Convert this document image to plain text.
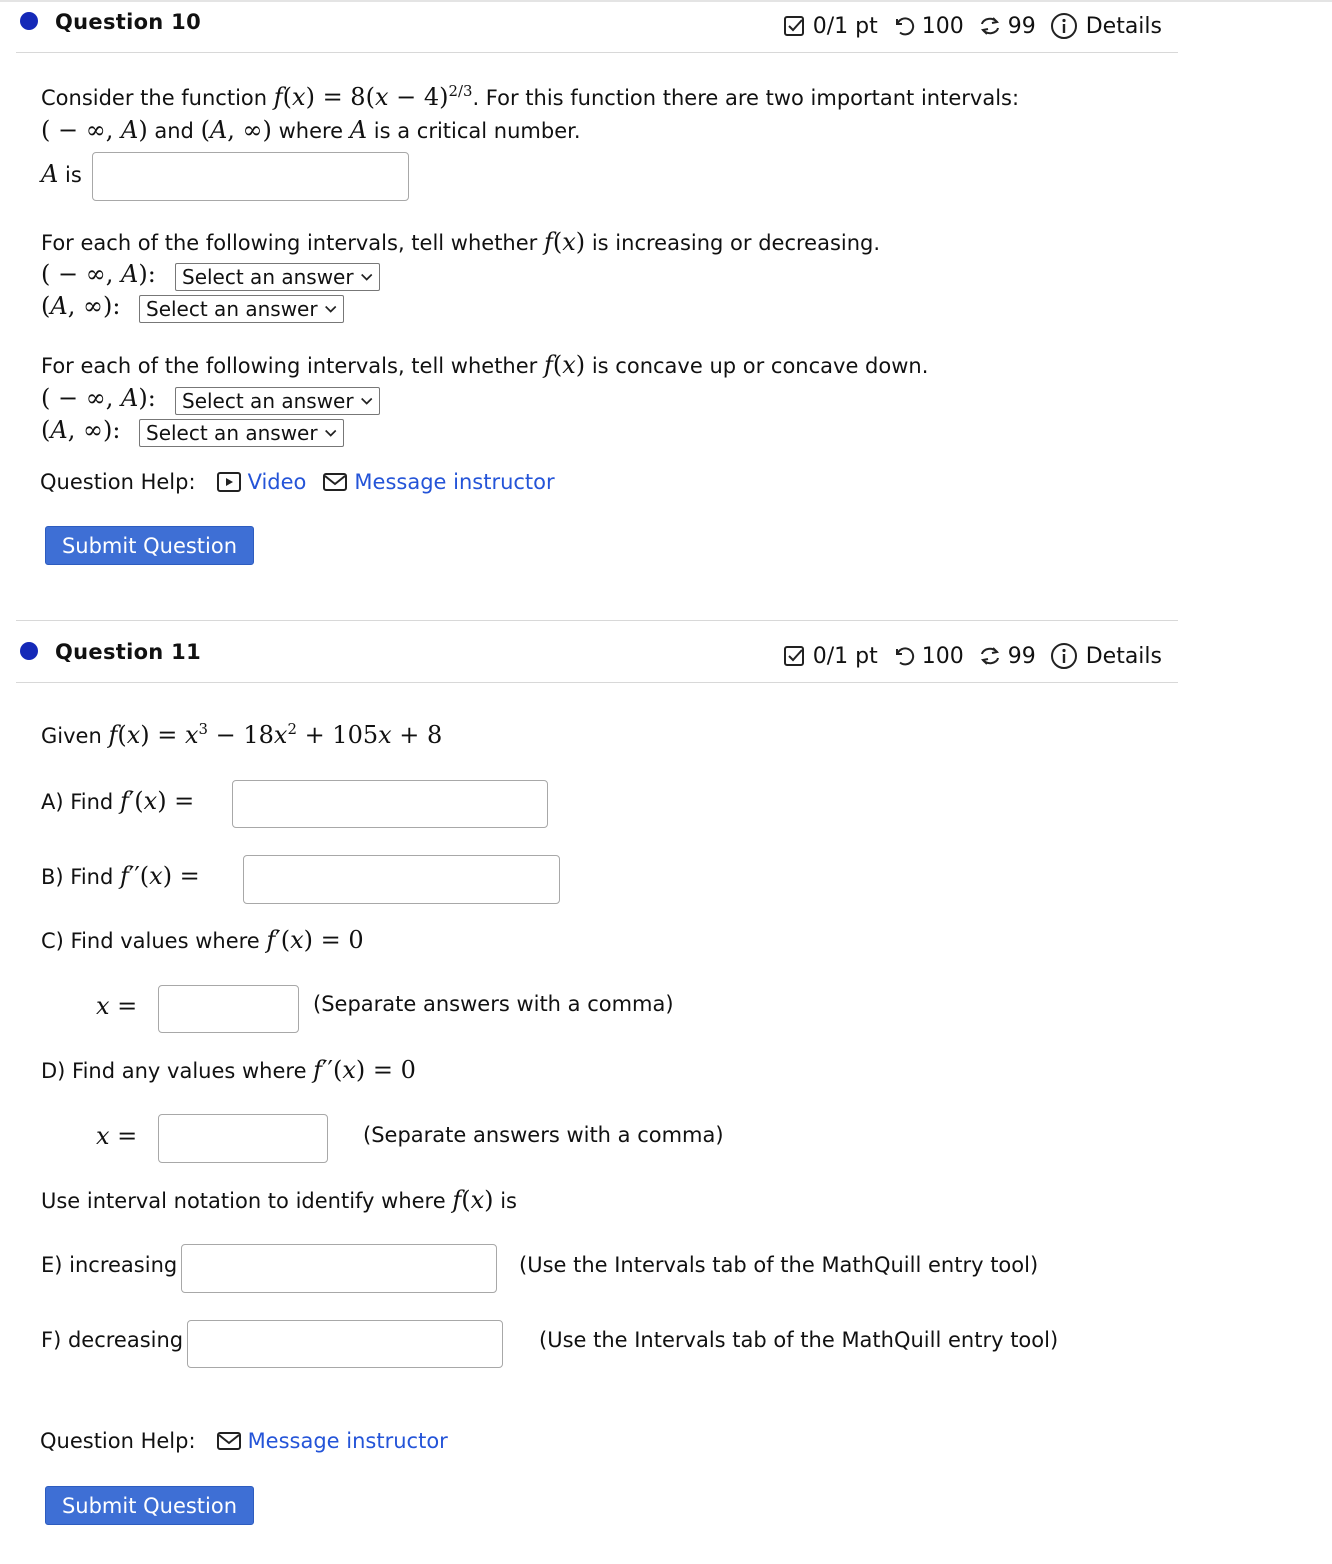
Question 10	0/1 pt 100 99 Details
Consider the function $f(x) = 8(x - 4)^{2/3}$. For this function there are two important intervals:
( − ∞, A) and (A, ∞) where A is a critical number.
A is
For each of the following intervals, tell whether f(x) is increasing or decreasing.
( − ∞, A): Select an answer
(A, ∞): Select an answer
For each of the following intervals, tell whether f(x) is concave up or concave down.
( − ∞, A): Select an answer
(A, ∞): Select an answer
Question Help: Video Message instructor
Submit Question
Question 11	0/1 pt 100 99 Details
Given $f(x) = x^3 - 18x^2 + 105x + 8$
A) Find f′(x) =
B) Find f′′(x) =
C) Find values where f′(x) = 0
x =	(Separate answers with a comma)
D) Find any values where f′′(x) = 0
x =	(Separate answers with a comma)
Use interval notation to identify where f(x) is
E) increasing	(Use the Intervals tab of the MathQuill entry tool)
F) decreasing	(Use the Intervals tab of the MathQuill entry tool)
Question Help: Message instructor
Submit Question
